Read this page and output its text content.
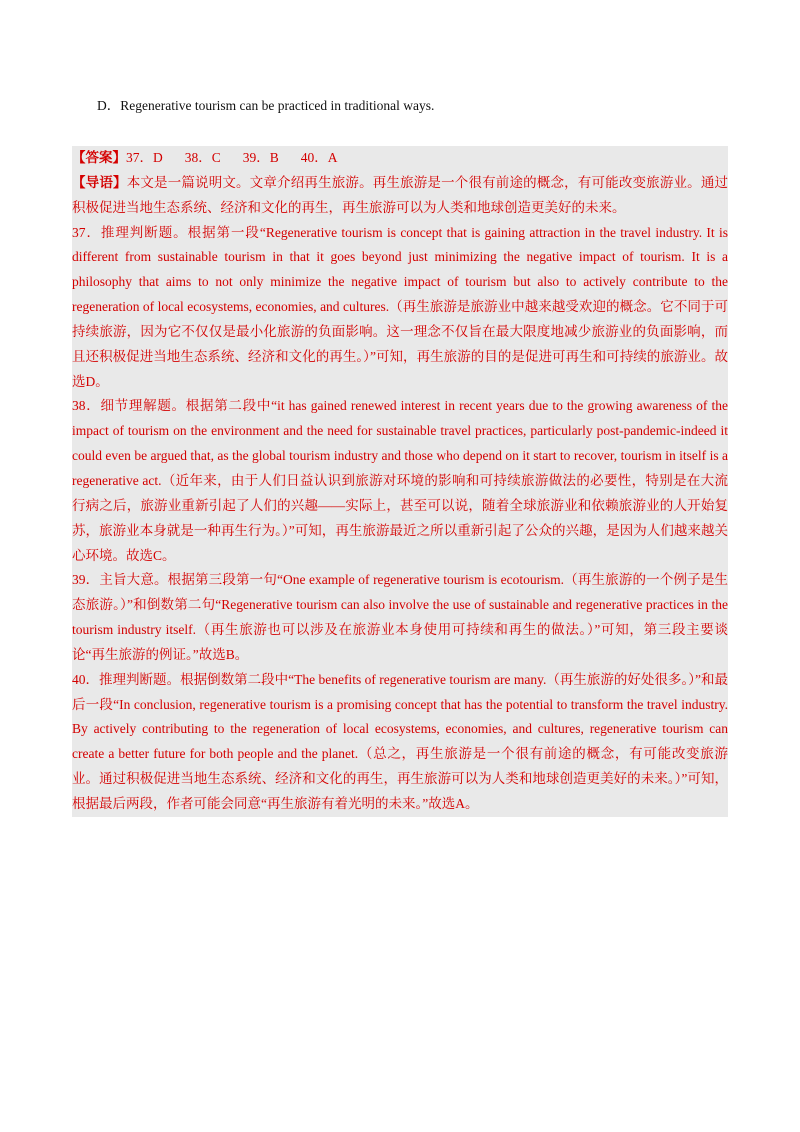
D．Regenerative tourism can be practiced in traditional ways.

【答案】37．D 38．C 39．B 40．A

【导语】本文是一篇说明文。文章介绍再生旅游。再生旅游是一个很有前途的概念，有可能改变旅游业。通过积极促进当地生态系统、经济和文化的再生，再生旅游可以为人类和地球创造更美好的未来。

37．推理判断题。根据第一段“Regenerative tourism is concept that is gaining attraction in the travel industry. It is different from sustainable tourism in that it goes beyond just minimizing the negative impact of tourism. It is a philosophy that aims to not only minimize the negative impact of tourism but also to actively contribute to the regeneration of local ecosystems, economies, and cultures.（再生旅游是旅游业中越来越受欢迎的概念。它不同于可持续旅游，因为它不仅仅是最小化旅游的负面影响。这一理念不仅旨在最大限度地减少旅游业的负面影响，而且还积极促进当地生态系统、经济和文化的再生。）”可知，再生旅游的目的是促进可再生和可持续的旅游业。故选D。

38．细节理解题。根据第二段中“it has gained renewed interest in recent years due to the growing awareness of the impact of tourism on the environment and the need for sustainable travel practices, particularly post-pandemic-indeed it could even be argued that, as the global tourism industry and those who depend on it start to recover, tourism in itself is a regenerative act.（近年来，由于人们日益认识到旅游对环境的影响和可持续旅游做法的必要性，特别是在大流行病之后，旅游业重新引起了人们的兴趣——实际上，甚至可以说，随着全球旅游业和依赖旅游业的人开始复苏，旅游业本身就是一种再生行为。）”可知，再生旅游最近之所以重新引起了公众的兴趣，是因为人们越来越关心环境。故选C。

39．主旨大意。根据第三段第一句“One example of regenerative tourism is ecotourism.（再生旅游的一个例子是生态旅游。）”和倒数第二句“Regenerative tourism can also involve the use of sustainable and regenerative practices in the tourism industry itself.（再生旅游也可以涉及在旅游业本身使用可持续和再生的做法。）”可知，第三段主要谈论“再生旅游的例证。”故选B。

40．推理判断题。根据倒数第二段中“The benefits of regenerative tourism are many.（再生旅游的好处很多。）”和最后一段“In conclusion, regenerative tourism is a promising concept that has the potential to transform the travel industry. By actively contributing to the regeneration of local ecosystems, economies, and cultures, regenerative tourism can create a better future for both people and the planet.（总之，再生旅游是一个很有前途的概念，有可能改变旅游业。通过积极促进当地生态系统、经济和文化的再生，再生旅游可以为人类和地球创造更美好的未来。）”可知，根据最后两段，作者可能会同意“再生旅游有着光明的未来。”故选A。
